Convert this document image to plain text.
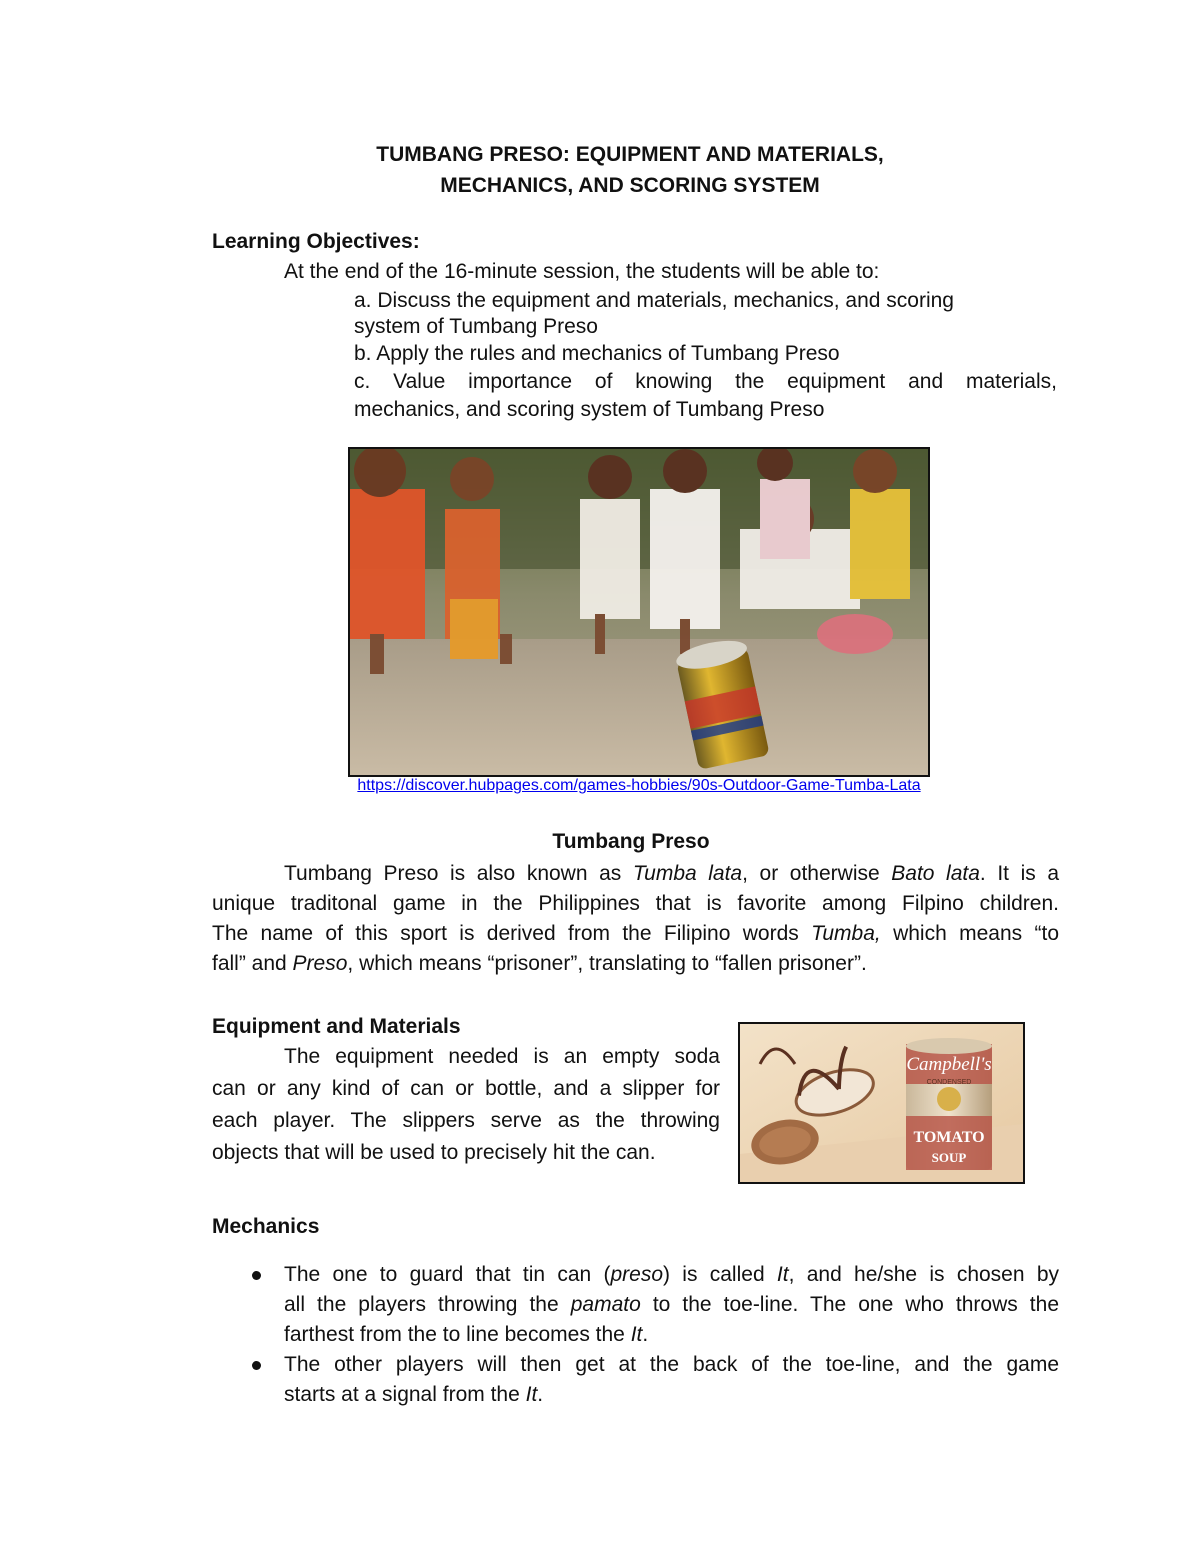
TUMBANG PRESO: EQUIPMENT AND MATERIALS,
MECHANICS, AND SCORING SYSTEM
Learning Objectives:
At the end of the 16-minute session, the students will be able to:
a. Discuss the equipment and materials, mechanics, and scoring
system of Tumbang Preso
b. Apply the rules and mechanics of Tumbang Preso
c. Value importance of knowing the equipment and materials,
mechanics, and scoring system of Tumbang Preso
https://discover.hubpages.com/games-hobbies/90s-Outdoor-Game-Tumba-Lata
Tumbang Preso
Tumbang Preso is also known as Tumba lata, or otherwise Bato lata. It is a
unique traditonal game in the Philippines that is favorite among Filpino children.
The name of this sport is derived from the Filipino words Tumba, which means “to
fall” and Preso, which means “prisoner”, translating to “fallen prisoner”.
Equipment and Materials
The equipment needed is an empty soda
can or any kind of can or bottle, and a slipper for
each player. The slippers serve as the throwing
objects that will be used to precisely hit the can.
Campbell's
CONDENSED
TOMATO
SOUP
Mechanics
The one to guard that tin can (preso) is called It, and he/she is chosen by
all the players throwing the pamato to the toe-line. The one who throws the
farthest from the to line becomes the It.
The other players will then get at the back of the toe-line, and the game
starts at a signal from the It.
